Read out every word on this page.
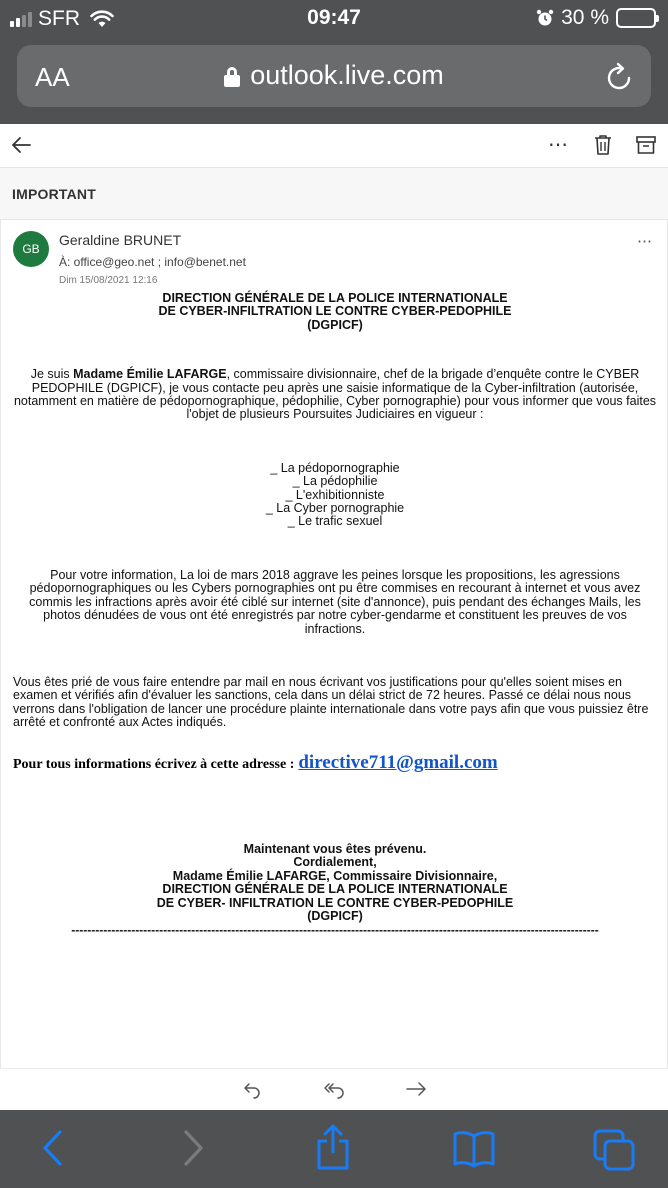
SFR	09:47	30 %
AA	outlook.live.com
⋯
IMPORTANT
GB
Geraldine BRUNET
À: office@geo.net ; info@benet.net
Dim 15/08/2021 12:16
⋯

DIRECTION GÉNÉRALE DE LA POLICE INTERNATIONALE

DE CYBER-INFILTRATION LE CONTRE CYBER-PEDOPHILE

(DGPICF)

Je suis Madame Émilie LAFARGE, commissaire divisionnaire, chef de la brigade d’enquête contre le CYBER PEDOPHILE (DGPICF), je vous contacte peu après une saisie informatique de la Cyber-infiltration (autorisée, notamment en matière de pédopornographique, pédophilie, Cyber pornographie) pour vous informer que vous faites l'objet de plusieurs Poursuites Judiciaires en vigueur :

_ La pédopornographie

_ La pédophilie

_ L'exhibitionniste

_ La Cyber pornographie

_ Le trafic sexuel

Pour votre information, La loi de mars 2018 aggrave les peines lorsque les propositions, les agressions pédopornographiques ou les Cybers pornographies ont pu être commises en recourant à internet et vous avez commis les infractions après avoir été ciblé sur internet (site d'annonce), puis pendant des échanges Mails, les photos dénudées de vous ont été enregistrés par notre cyber-gendarme et constituent les preuves de vos infractions.

Vous êtes prié de vous faire entendre par mail en nous écrivant vos justifications pour qu'elles soient mises en examen et vérifiés afin d'évaluer les sanctions, cela dans un délai strict de 72 heures. Passé ce délai nous nous verrons dans l'obligation de lancer une procédure plainte internationale dans votre pays afin que vous puissiez être arrêté et confronté aux Actes indiqués.

Pour tous informations écrivez à cette adresse : directive711@gmail.com

Maintenant vous êtes prévenu.

Cordialement,

Madame Émilie LAFARGE, Commissaire Divisionnaire,

DIRECTION GÉNÉRALE DE LA POLICE INTERNATIONALE

DE CYBER- INFILTRATION LE CONTRE CYBER-PEDOPHILE

(DGPICF)

------------------------------------------------------------------------------------------------------------------------------------
